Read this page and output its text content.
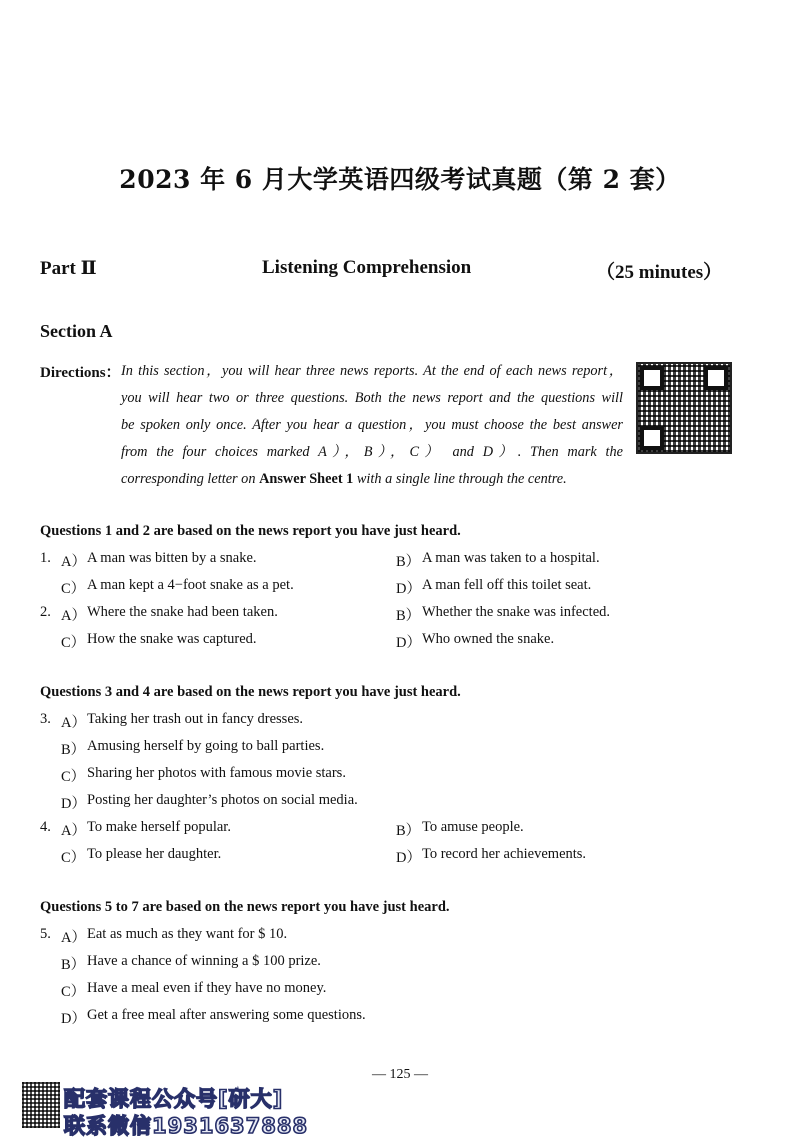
2023 年 6 月大学英语四级考试真题（第 2 套）
Part Ⅱ	Listening Comprehension	（25 minutes）
Section A
Directions： In this section，you will hear three news reports. At the end of each news report，
you will hear two or three questions. Both the news report and the questions will
be spoken only once. After you hear a question，you must choose the best answer
from the four choices marked A），B），C） and D）. Then mark the
corresponding letter on Answer Sheet 1 with a single line through the centre.
Questions 1 and 2 are based on the news report you have just heard.
1. A） A man was bitten by a snake.	B） A man was taken to a hospital.
C） A man kept a 4−foot snake as a pet.	D） A man fell off this toilet seat.
2. A） Where the snake had been taken.	B） Whether the snake was infected.
C） How the snake was captured.	D） Who owned the snake.
Questions 3 and 4 are based on the news report you have just heard.
3. A） Taking her trash out in fancy dresses.
B） Amusing herself by going to ball parties.
C） Sharing her photos with famous movie stars.
D） Posting her daughter’s photos on social media.
4. A） To make herself popular.	B） To amuse people.
C） To please her daughter.	D） To record her achievements.
Questions 5 to 7 are based on the news report you have just heard.
5. A） Eat as much as they want for $ 10.
B） Have a chance of winning a $ 100 prize.
C） Have a meal even if they have no money.
D） Get a free meal after answering some questions.
— 125 —
配套课程公众号[研大]
联系微信1931637888
